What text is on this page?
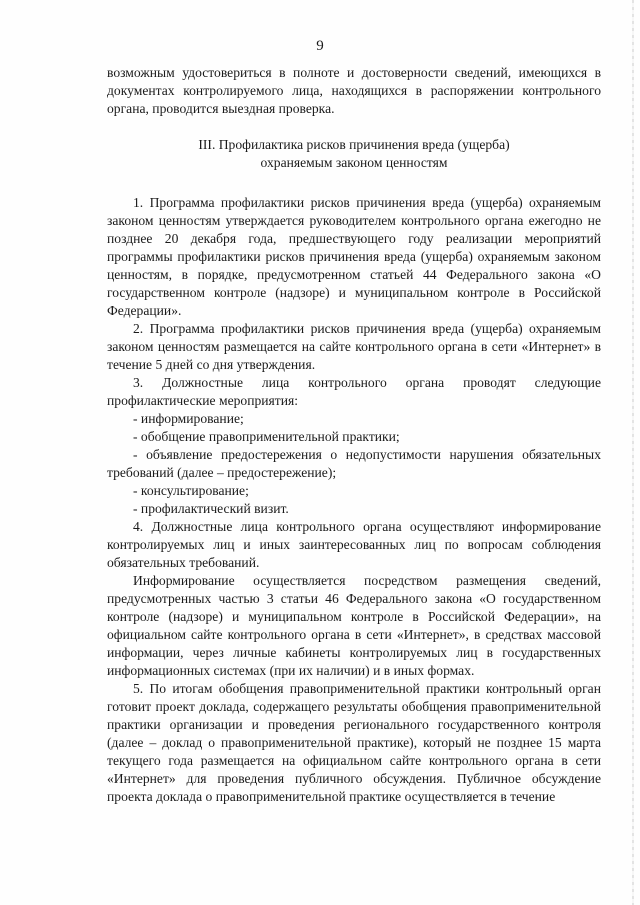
9

возможным удостовериться в полноте и достоверности сведений, имеющихся в документах контролируемого лица, находящихся в распоряжении контрольного органа, проводится выездная проверка.

III. Профилактика рисков причинения вреда (ущерба)
охраняемым законом ценностям

1. Программа профилактики рисков причинения вреда (ущерба) охраняемым законом ценностям утверждается руководителем контрольного органа ежегодно не позднее 20 декабря года, предшествующего году реализации мероприятий программы профилактики рисков причинения вреда (ущерба) охраняемым законом ценностям, в порядке, предусмотренном статьей 44 Федерального закона «О государственном контроле (надзоре) и муниципальном контроле в Российской Федерации».

2. Программа профилактики рисков причинения вреда (ущерба) охраняемым законом ценностям размещается на сайте контрольного органа в сети «Интернет» в течение 5 дней со дня утверждения.

3. Должностные лица контрольного органа проводят следующие профилактические мероприятия:

- информирование;

- обобщение правоприменительной практики;

- объявление предостережения о недопустимости нарушения обязательных требований (далее – предостережение);

- консультирование;

- профилактический визит.

4. Должностные лица контрольного органа осуществляют информирование контролируемых лиц и иных заинтересованных лиц по вопросам соблюдения обязательных требований.

Информирование осуществляется посредством размещения сведений, предусмотренных частью 3 статьи 46 Федерального закона «О государственном контроле (надзоре) и муниципальном контроле в Российской Федерации», на официальном сайте контрольного органа в сети «Интернет», в средствах массовой информации, через личные кабинеты контролируемых лиц в государственных информационных системах (при их наличии) и в иных формах.

5. По итогам обобщения правоприменительной практики контрольный орган готовит проект доклада, содержащего результаты обобщения правоприменительной практики организации и проведения регионального государственного контроля (далее – доклад о правоприменительной практике), который не позднее 15 марта текущего года размещается на официальном сайте контрольного органа в сети «Интернет» для проведения публичного обсуждения. Публичное обсуждение проекта доклада о правоприменительной практике осуществляется в течение
